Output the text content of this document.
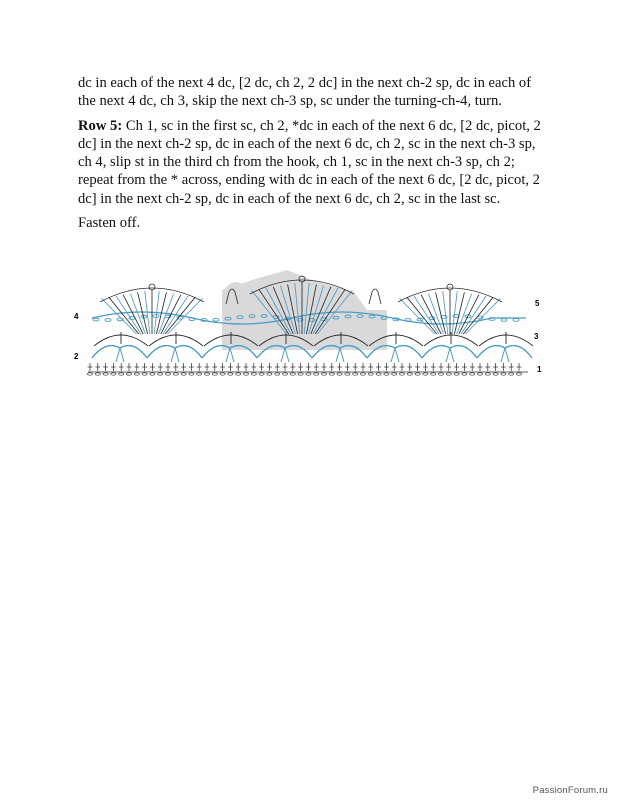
dc in each of the next 4 dc, [2 dc, ch 2, 2 dc] in the next ch-2 sp, dc in each of the next 4 dc, ch 3, skip the next ch-3 sp, sc under the turning-ch-4, turn.

Row 5: Ch 1, sc in the first sc, ch 2, *dc in each of the next 6 dc, [2 dc, picot, 2 dc] in the next ch-2 sp, dc in each of the next 6 dc, ch 2, sc in the next ch-3 sp, ch 4, slip st in the third ch from the hook, ch 1, sc in the next ch-3 sp, ch 2; repeat from the * across, ending with dc in each of the next 6 dc, [2 dc, picot, 2 dc] in the next ch-2 sp, dc in each of the next 6 dc, ch 2, sc in the last sc.

Fasten off.

4
2
5
3
1
PassionForum.ru
